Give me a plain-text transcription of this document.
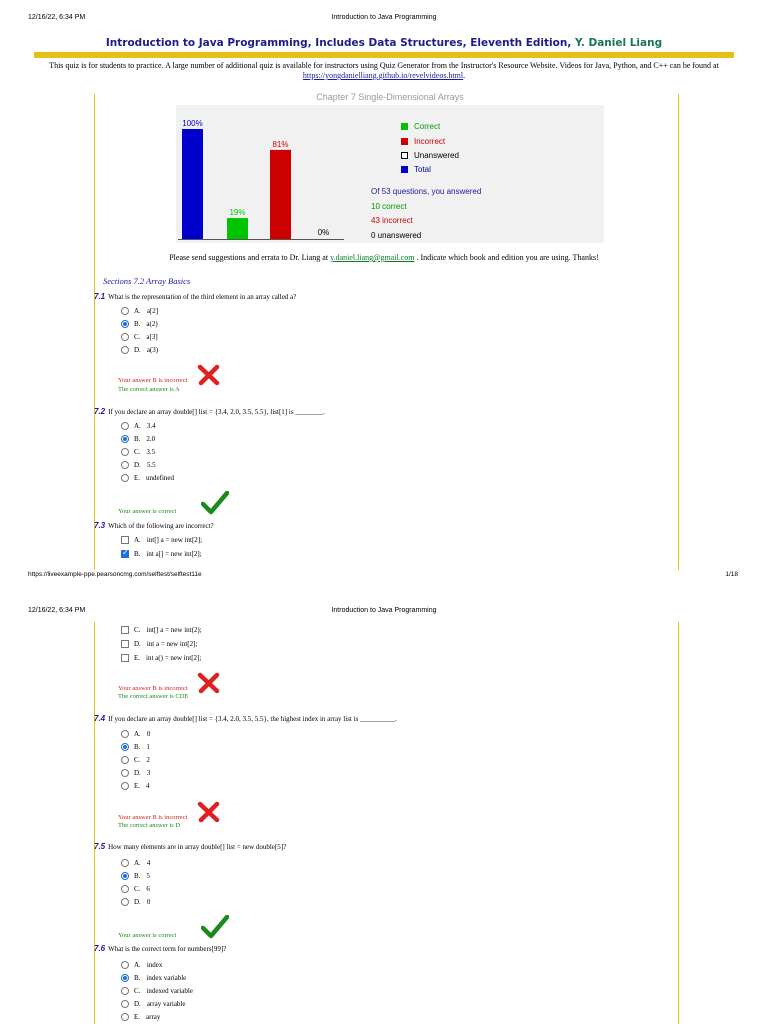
12/16/22, 6:34 PM	Introduction to Java Programming
Introduction to Java Programming, Includes Data Structures, Eleventh Edition, Y. Daniel Liang
This quiz is for students to practice. A large number of additional quiz is available for instructors using Quiz Generator from the Instructor's Resource Website. Videos for Java, Python, and C++ can be found at https://yongdanielliang.github.io/revelvideos.html.
Chapter 7 Single-Dimensional Arrays
100%
19%
81%
0%
Correct
Incorrect
Unanswered
Total
Of 53 questions, you answered
10 correct
43 incorrect
0 unanswered
Please send suggestions and errata to Dr. Liang at y.daniel.liang@gmail.com . Indicate which book and edition you are using. Thanks!
Sections 7.2 Array Basics
7.1 What is the representation of the third element in an array called a?
A. a[2]
B. a(2)
C. a[3]
D. a(3)
Your answer B is incorrect
The correct answer is A
7.2 If you declare an array double[] list = {3.4, 2.0, 3.5, 5.5}, list[1] is ________.
A. 3.4
B. 2.0
C. 3.5
D. 5.5
E. undefined
Your answer is correct
7.3 Which of the following are incorrect?
A. int[] a = new int[2];
✓
B. int a[] = new int[2];
https://liveexample-ppe.pearsoncmg.com/selftest/selftest11e	1/18
12/16/22, 6:34 PM	Introduction to Java Programming
C. int[] a = new int(2);
D. int a = new int[2];
E. int a() = new int[2];
Your answer B is incorrect
The correct answer is CDE
7.4 If you declare an array double[] list = {3.4, 2.0, 3.5, 5.5}, the highest index in array list is __________.
A. 0
B. 1
C. 2
D. 3
E. 4
Your answer B is incorrect
The correct answer is D
7.5 How many elements are in array double[] list = new double[5]?
A. 4
B. 5
C. 6
D. 0
Your answer is correct
7.6 What is the correct term for numbers[99]?
A. index
B. index variable
C. indexed variable
D. array variable
E. array
